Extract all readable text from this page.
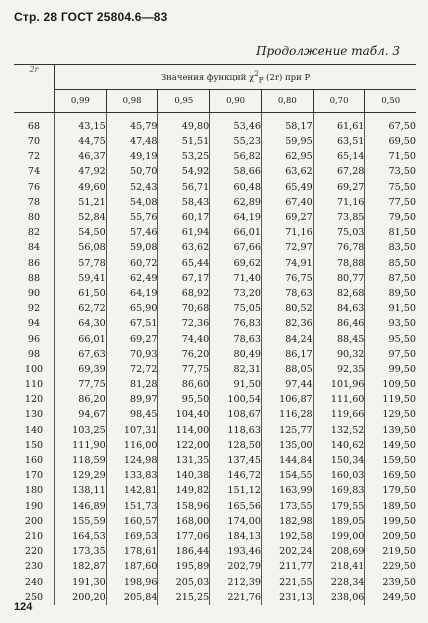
Стр. 28 ГОСТ 25804.6—83
Продолжение табл. 3
2r	Значения функций $\chi^2_P$ (2r) при P						
	0,99	0,98	0,95	0,90	0,80	0,70	0,50
68	43,15	45,79	49,80	53,46	58,17	61,61	67,50
70	44,75	47,48	51,51	55,23	59,95	63,51	69,50
72	46,37	49,19	53,25	56,82	62,95	65,14	71,50
74	47,92	50,70	54,92	58,66	63,62	67,28	73,50
76	49,60	52,43	56,71	60,48	65,49	69,27	75,50
78	51,21	54,08	58,43	62,89	67,40	71,16	77,50
80	52,84	55,76	60,17	64,19	69,27	73,85	79,50
82	54,50	57,46	61,94	66,01	71,16	75,03	81,50
84	56,08	59,08	63,62	67,66	72,97	76,78	83,50
86	57,78	60,72	65,44	69,62	74,91	78,88	85,50
88	59,41	62,49	67,17	71,40	76,75	80,77	87,50
90	61,50	64,19	68,92	73,20	78,63	82,68	89,50
92	62,72	65,90	70,68	75,05	80,52	84,63	91,50
94	64,30	67,51	72,36	76,83	82,36	86,46	93,50
96	66,01	69,27	74,40	78,63	84,24	88,45	95,50
98	67,63	70,93	76,20	80,49	86,17	90,32	97,50
100	69,39	72,72	77,75	82,31	88,05	92,35	99,50
110	77,75	81,28	86,60	91,50	97,44	101,96	109,50
120	86,20	89,97	95,50	100,54	106,87	111,60	119,50
130	94,67	98,45	104,40	108,67	116,28	119,66	129,50
140	103,25	107,31	114,00	118,63	125,77	132,52	139,50
150	111,90	116,00	122,00	128,50	135,00	140,62	149,50
160	118,59	124,98	131,35	137,45	144,84	150,34	159,50
170	129,29	133,83	140,38	146,72	154,55	160,03	169,50
180	138,11	142,81	149,82	151,12	163,99	169,83	179,50
190	146,89	151,73	158,96	165,56	173,55	179,55	189,50
200	155,59	160,57	168,00	174,00	182,98	189,05	199,50
210	164,53	169,53	177,06	184,13	192,58	199,00	209,50
220	173,35	178,61	186,44	193,46	202,24	208,69	219,50
230	182,87	187,60	195,89	202,79	211,77	218,41	229,50
240	191,30	198,96	205,03	212,39	221,55	228,34	239,50
250	200,20	205,84	215,25	221,76	231,13	238,06	249,50
124
